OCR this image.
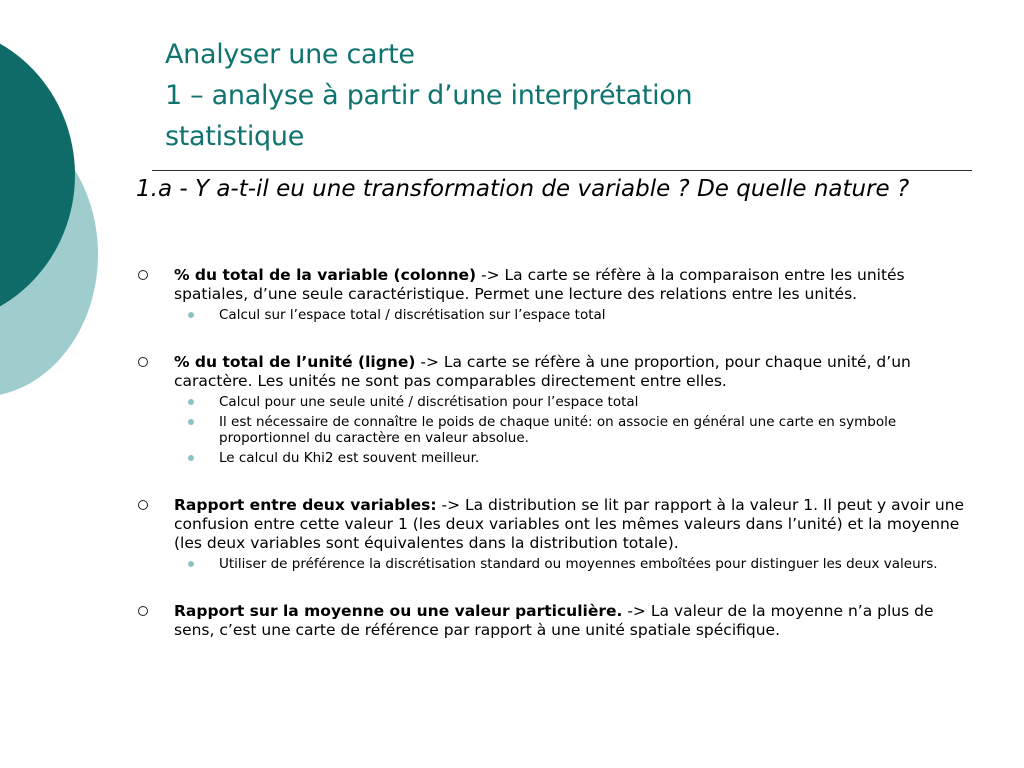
Analyser une carte
1 – analyse à partir d’une interprétation
statistique

1.a - Y a-t-il eu une transformation de variable ? De quelle nature ?

% du total de la variable (colonne) -> La carte se réfère à la comparaison entre les unités spatiales, d’une seule caractéristique. Permet une lecture des relations entre les unités.
Calcul sur l’espace total / discrétisation sur l’espace total
% du total de l’unité (ligne) -> La carte se réfère à une proportion, pour chaque unité, d’un caractère. Les unités ne sont pas comparables directement entre elles.
Calcul pour une seule unité / discrétisation pour l’espace total
Il est nécessaire de connaître le poids de chaque unité: on associe en général une carte en symbole proportionnel du caractère en valeur absolue.
Le calcul du Khi2 est souvent meilleur.
Rapport entre deux variables: -> La distribution se lit par rapport à la valeur 1. Il peut y avoir une confusion entre cette valeur 1 (les deux variables ont les mêmes valeurs dans l’unité) et la moyenne (les deux variables sont équivalentes dans la distribution totale).
Utiliser de préférence la discrétisation standard ou moyennes emboîtées pour distinguer les deux valeurs.
Rapport sur la moyenne ou une valeur particulière. -> La valeur de la moyenne n’a plus de sens, c’est une carte de référence par rapport à une unité spatiale spécifique.
